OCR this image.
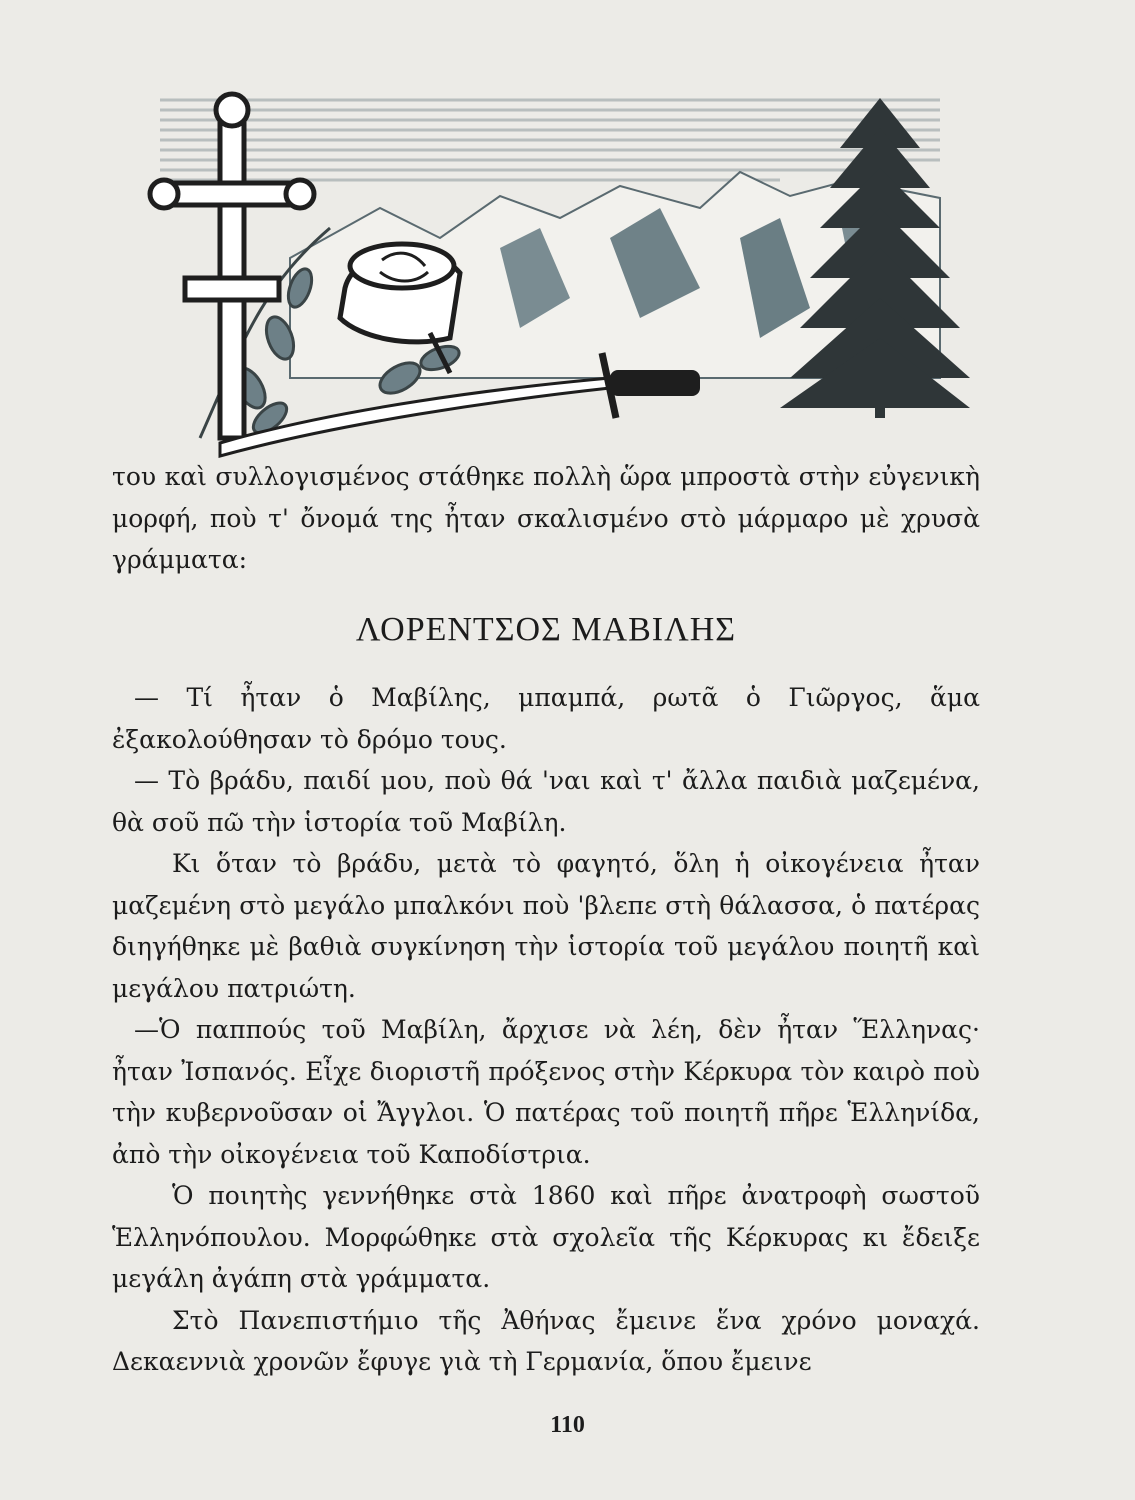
του καὶ συλλογισμένος στάθηκε πολλὴ ὥρα μπροστὰ στὴν εὐγενικὴ μορφή, ποὺ τ' ὄνομά της ἦταν σκαλισμένο στὸ μάρμαρο μὲ χρυσὰ γράμματα:

ΛΟΡΕΝΤΣΟΣ ΜΑΒΙΛΗΣ

— Τί ἦταν ὁ Μαβίλης, μπαμπά, ρωτᾶ ὁ Γιῶργος, ἅμα ἐξακολούθησαν τὸ δρόμο τους.

— Τὸ βράδυ, παιδί μου, ποὺ θά 'ναι καὶ τ' ἄλλα παιδιὰ μαζεμένα, θὰ σοῦ πῶ τὴν ἱστορία τοῦ Μαβίλη.

Κι ὅταν τὸ βράδυ, μετὰ τὸ φαγητό, ὅλη ἡ οἰκογένεια ἦταν μαζεμένη στὸ μεγάλο μπαλκόνι ποὺ 'βλεπε στὴ θάλασσα, ὁ πατέρας διηγήθηκε μὲ βαθιὰ συγκίνηση τὴν ἱστορία τοῦ μεγάλου ποιητῆ καὶ μεγάλου πατριώτη.

—Ὁ παππούς τοῦ Μαβίλη, ἄρχισε νὰ λέη, δὲν ἦταν Ἕλληνας· ἦταν Ἰσπανός. Εἶχε διοριστῆ πρόξενος στὴν Κέρκυρα τὸν καιρὸ ποὺ τὴν κυβερνοῦσαν οἱ Ἄγγλοι. Ὁ πατέρας τοῦ ποιητῆ πῆρε Ἑλληνίδα, ἀπὸ τὴν οἰκογένεια τοῦ Καποδίστρια.

Ὁ ποιητὴς γεννήθηκε στὰ 1860 καὶ πῆρε ἀνατροφὴ σωστοῦ Ἑλληνόπουλου. Μορφώθηκε στὰ σχολεῖα τῆς Κέρκυρας κι ἔδειξε μεγάλη ἀγάπη στὰ γράμματα.

Στὸ Πανεπιστήμιο τῆς Ἀθήνας ἔμεινε ἕνα χρόνο μοναχά. Δεκαεννιὰ χρονῶν ἔφυγε γιὰ τὴ Γερμανία, ὅπου ἔμεινε

110
